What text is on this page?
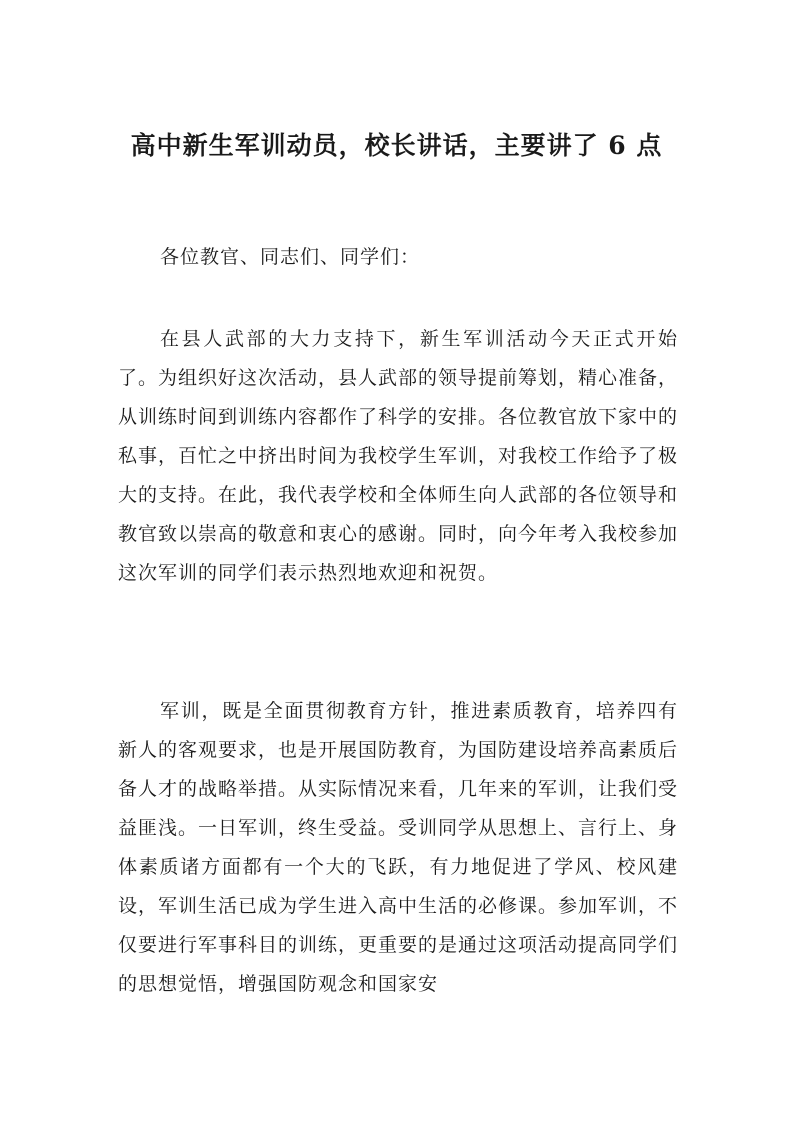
高中新生军训动员，校长讲话，主要讲了 6 点

各位教官、同志们、同学们：

在县人武部的大力支持下，新生军训活动今天正式开始了。为组织好这次活动，县人武部的领导提前筹划，精心准备，从训练时间到训练内容都作了科学的安排。各位教官放下家中的私事，百忙之中挤出时间为我校学生军训，对我校工作给予了极大的支持。在此，我代表学校和全体师生向人武部的各位领导和教官致以崇高的敬意和衷心的感谢。同时，向今年考入我校参加这次军训的同学们表示热烈地欢迎和祝贺。

军训，既是全面贯彻教育方针，推进素质教育，培养四有新人的客观要求，也是开展国防教育，为国防建设培养高素质后备人才的战略举措。从实际情况来看，几年来的军训，让我们受益匪浅。一日军训，终生受益。受训同学从思想上、言行上、身体素质诸方面都有一个大的飞跃，有力地促进了学风、校风建设，军训生活已成为学生进入高中生活的必修课。参加军训，不仅要进行军事科目的训练，更重要的是通过这项活动提高同学们的思想觉悟，增强国防观念和国家安
